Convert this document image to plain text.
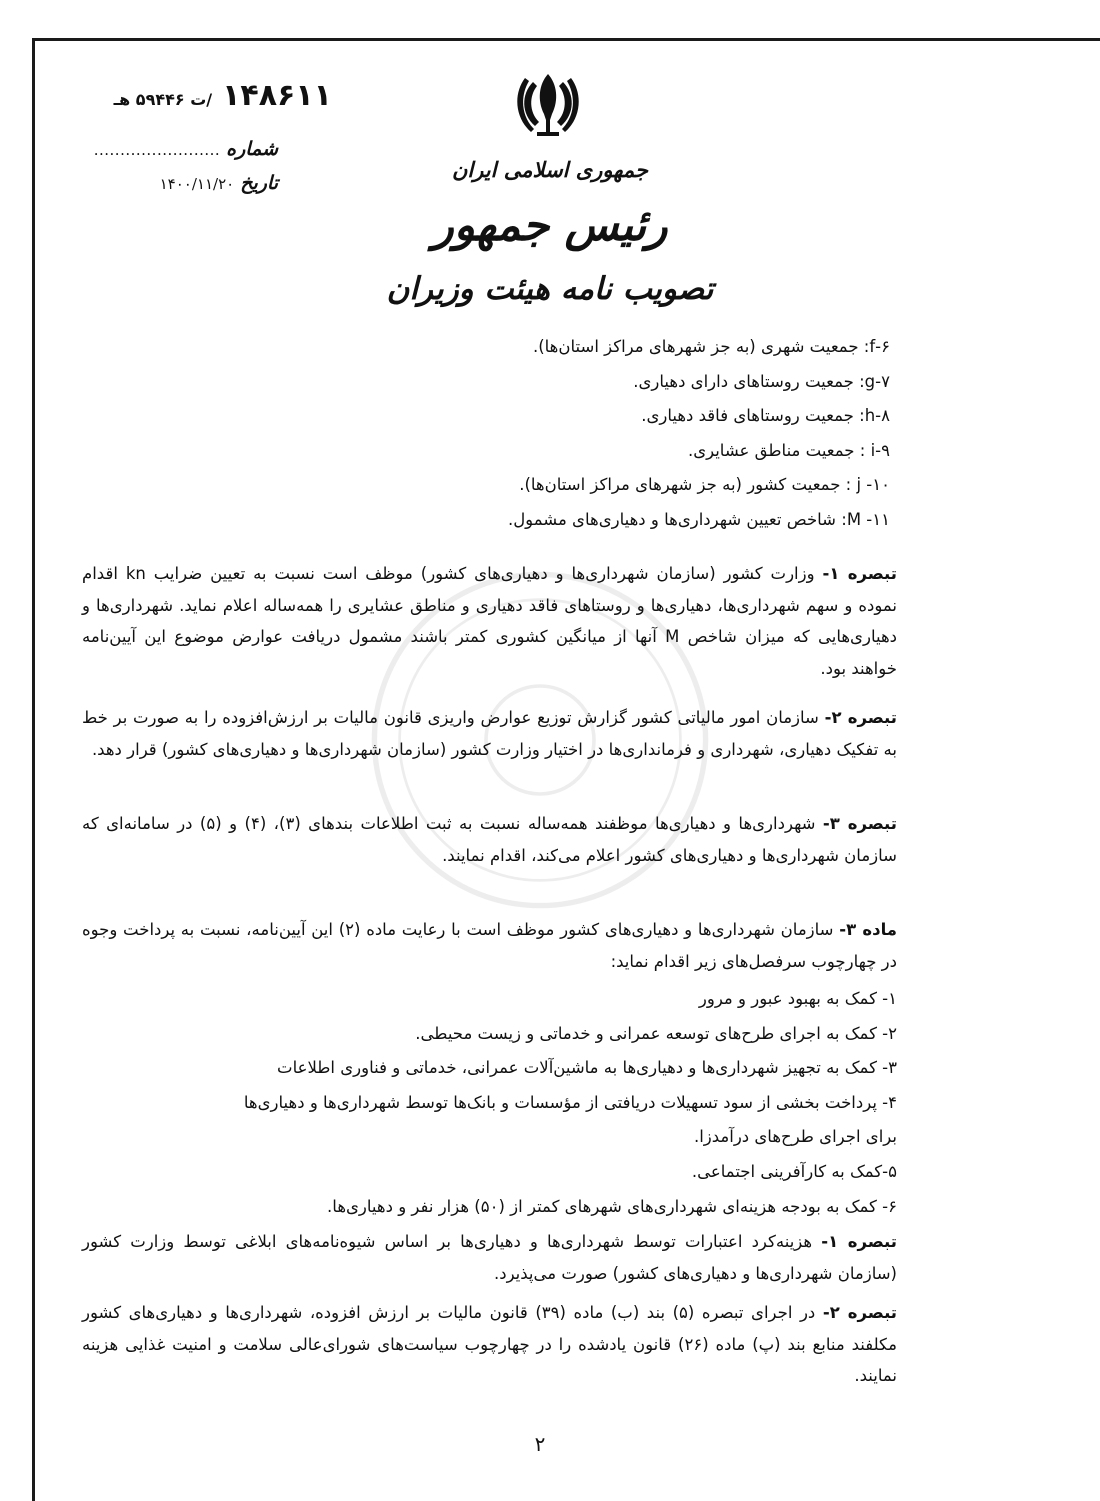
۱۴۸۶۱۱
/ت ۵۹۴۴۶ هـ
شماره
........................
تاریخ
۱۴۰۰/۱۱/۲۰
جمهوری اسلامی ایران
رئیس جمهور
تصویب نامه هیئت وزیران
۶-f: جمعیت شهری (به جز شهرهای مراکز استان‌ها).
۷-g: جمعیت روستاهای دارای دهیاری.
۸-h: جمعیت روستاهای فاقد دهیاری.
۹-i : جمعیت مناطق عشایری.
۱۰- j : جمعیت کشور (به جز شهرهای مراکز استان‌ها).
۱۱- M: شاخص تعیین شهرداری‌ها و دهیاری‌های مشمول.
تبصره ۱- وزارت کشور (سازمان شهرداری‌ها و دهیاری‌های کشور) موظف است نسبت به تعیین ضرایب kn اقدام نموده و سهم شهرداری‌ها، دهیاری‌ها و روستاهای فاقد دهیاری و مناطق عشایری را همه‌ساله اعلام نماید. شهرداری‌ها و دهیاری‌هایی که میزان شاخص M آنها از میانگین کشوری کمتر باشند مشمول دریافت عوارض موضوع این آیین‌نامه خواهند بود.
تبصره ۲- سازمان امور مالیاتی کشور گزارش توزیع عوارض واریزی قانون مالیات بر ارزش‌افزوده را به صورت بر خط به تفکیک دهیاری، شهرداری و فرمانداری‌ها در اختیار وزارت کشور (سازمان شهرداری‌ها و دهیاری‌های کشور) قرار دهد.
تبصره ۳- شهرداری‌ها و دهیاری‌ها موظفند همه‌ساله نسبت به ثبت اطلاعات بندهای (۳)، (۴) و (۵) در سامانه‌ای که سازمان شهرداری‌ها و دهیاری‌های کشور اعلام می‌کند، اقدام نمایند.
ماده ۳- سازمان شهرداری‌ها و دهیاری‌های کشور موظف است با رعایت ماده (۲) این آیین‌نامه، نسبت به پرداخت وجوه در چهارچوب سرفصل‌های زیر اقدام نماید:
۱- کمک به بهبود عبور و مرور
۲- کمک به اجرای طرح‌های توسعه عمرانی و خدماتی و زیست محیطی.
۳- کمک به تجهیز شهرداری‌ها و دهیاری‌ها به ماشین‌آلات عمرانی، خدماتی و فناوری اطلاعات
۴- پرداخت بخشی از سود تسهیلات دریافتی از مؤسسات و بانک‌ها توسط شهرداری‌ها و دهیاری‌ها
برای اجرای طرح‌های درآمدزا.
۵-کمک به کارآفرینی اجتماعی.
۶- کمک به بودجه هزینه‌ای شهرداری‌های شهرهای کمتر از (۵۰) هزار نفر و دهیاری‌ها.
تبصره ۱- هزینه‌کرد اعتبارات توسط شهرداری‌ها و دهیاری‌ها بر اساس شیوه‌نامه‌های ابلاغی توسط وزارت کشور (سازمان شهرداری‌ها و دهیاری‌های کشور) صورت می‌پذیرد.
تبصره ۲- در اجرای تبصره (۵) بند (ب) ماده (۳۹) قانون مالیات بر ارزش افزوده، شهرداری‌ها و دهیاری‌های کشور مکلفند منابع بند (پ) ماده (۲۶) قانون یادشده را در چهارچوب سیاست‌های شورای‌عالی سلامت و امنیت غذایی هزینه نمایند.
۲
